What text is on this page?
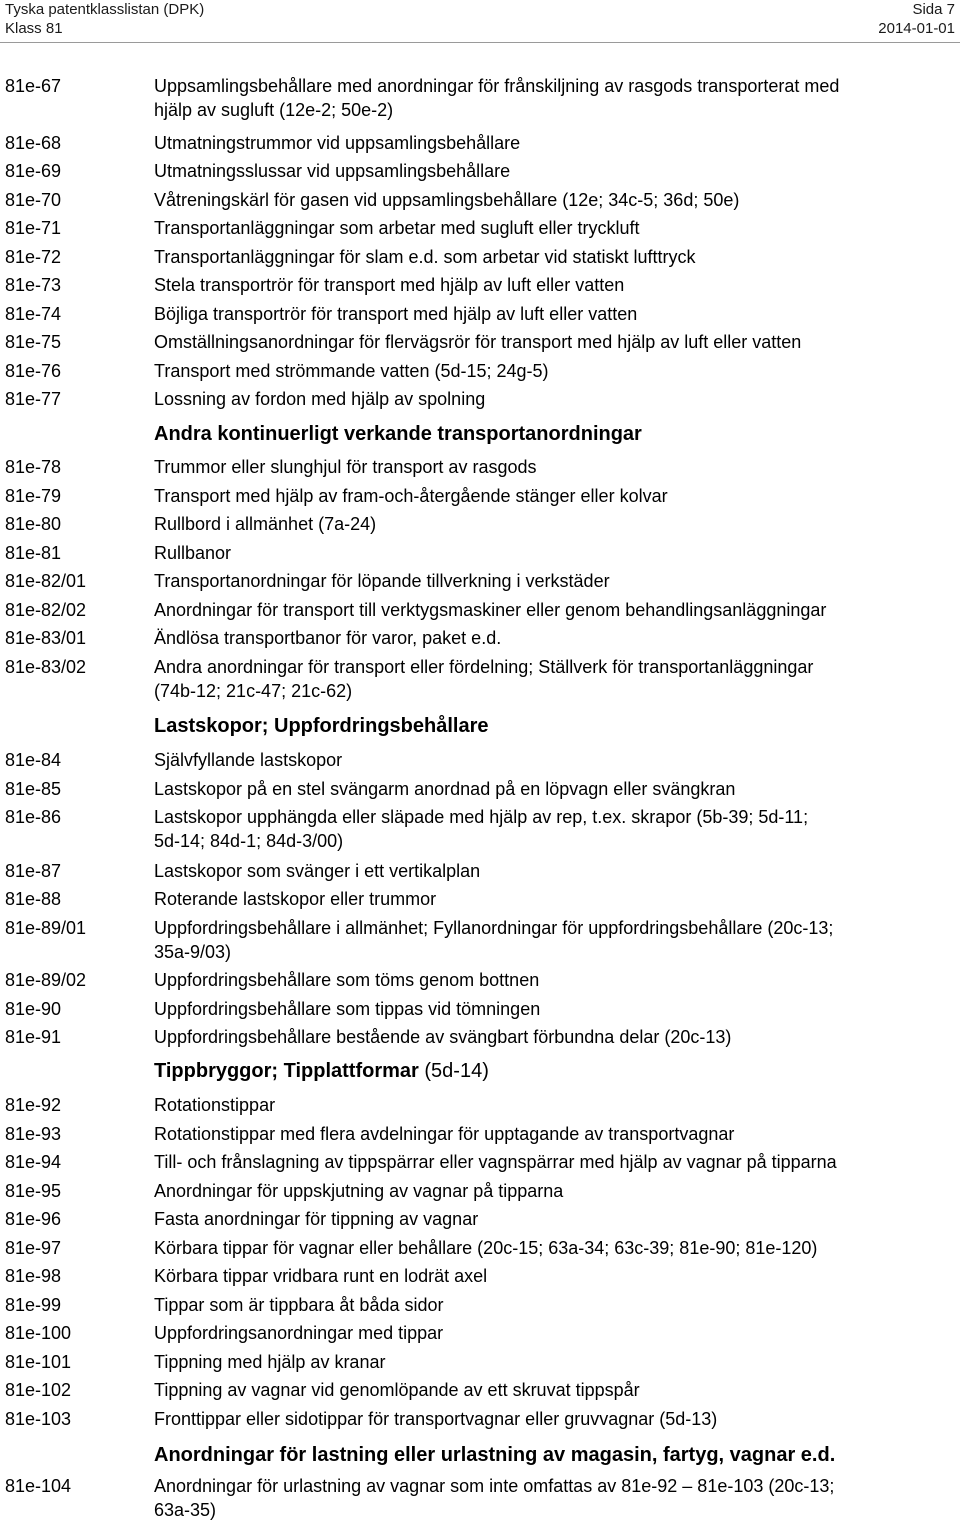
Tyska patentklasslistan (DPK)	Sida 7
Klass 81	2014-01-01
Andra kontinuerligt verkande transportanordningar
Lastskopor; Uppfordringsbehållare
Tippbryggor; Tipplattformar (5d-14)
Anordningar för lastning eller urlastning av magasin, fartyg, vagnar e.d.
81e-67	Uppsamlingsbehållare med anordningar för frånskiljning av rasgods transporterat med
hjälp av sugluft (12e-2; 50e-2)
81e-68	Utmatningstrummor vid uppsamlingsbehållare
81e-69	Utmatningsslussar vid uppsamlingsbehållare
81e-70	Våtreningskärl för gasen vid uppsamlingsbehållare (12e; 34c-5; 36d; 50e)
81e-71	Transportanläggningar som arbetar med sugluft eller tryckluft
81e-72	Transportanläggningar för slam e.d. som arbetar vid statiskt lufttryck
81e-73	Stela transportrör för transport med hjälp av luft eller vatten
81e-74	Böjliga transportrör för transport med hjälp av luft eller vatten
81e-75	Omställningsanordningar för flervägsrör för transport med hjälp av luft eller vatten
81e-76	Transport med strömmande vatten (5d-15; 24g-5)
81e-77	Lossning av fordon med hjälp av spolning
81e-78	Trummor eller slunghjul för transport av rasgods
81e-79	Transport med hjälp av fram-och-återgående stänger eller kolvar
81e-80	Rullbord i allmänhet (7a-24)
81e-81	Rullbanor
81e-82/01	Transportanordningar för löpande tillverkning i verkstäder
81e-82/02	Anordningar för transport till verktygsmaskiner eller genom behandlingsanläggningar
81e-83/01	Ändlösa transportbanor för varor, paket e.d.
81e-83/02	Andra anordningar för transport eller fördelning; Ställverk för transportanläggningar
(74b-12; 21c-47; 21c-62)
81e-84	Självfyllande lastskopor
81e-85	Lastskopor på en stel svängarm anordnad på en löpvagn eller svängkran
81e-86	Lastskopor upphängda eller släpade med hjälp av rep, t.ex. skrapor (5b-39; 5d-11;
5d-14; 84d-1; 84d-3/00)
81e-87	Lastskopor som svänger i ett vertikalplan
81e-88	Roterande lastskopor eller trummor
81e-89/01	Uppfordringsbehållare i allmänhet; Fyllanordningar för uppfordringsbehållare (20c-13;
35a-9/03)
81e-89/02	Uppfordringsbehållare som töms genom bottnen
81e-90	Uppfordringsbehållare som tippas vid tömningen
81e-91	Uppfordringsbehållare bestående av svängbart förbundna delar (20c-13)
81e-92	Rotationstippar
81e-93	Rotationstippar med flera avdelningar för upptagande av transportvagnar
81e-94	Till- och frånslagning av tippspärrar eller vagnspärrar med hjälp av vagnar på tipparna
81e-95	Anordningar för uppskjutning av vagnar på tipparna
81e-96	Fasta anordningar för tippning av vagnar
81e-97	Körbara tippar för vagnar eller behållare (20c-15; 63a-34; 63c-39; 81e-90; 81e-120)
81e-98	Körbara tippar vridbara runt en lodrät axel
81e-99	Tippar som är tippbara åt båda sidor
81e-100	Uppfordringsanordningar med tippar
81e-101	Tippning med hjälp av kranar
81e-102	Tippning av vagnar vid genomlöpande av ett skruvat tippspår
81e-103	Fronttippar eller sidotippar för transportvagnar eller gruvvagnar (5d-13)
81e-104	Anordningar för urlastning av vagnar som inte omfattas av 81e-92 – 81e-103 (20c-13;
63a-35)
